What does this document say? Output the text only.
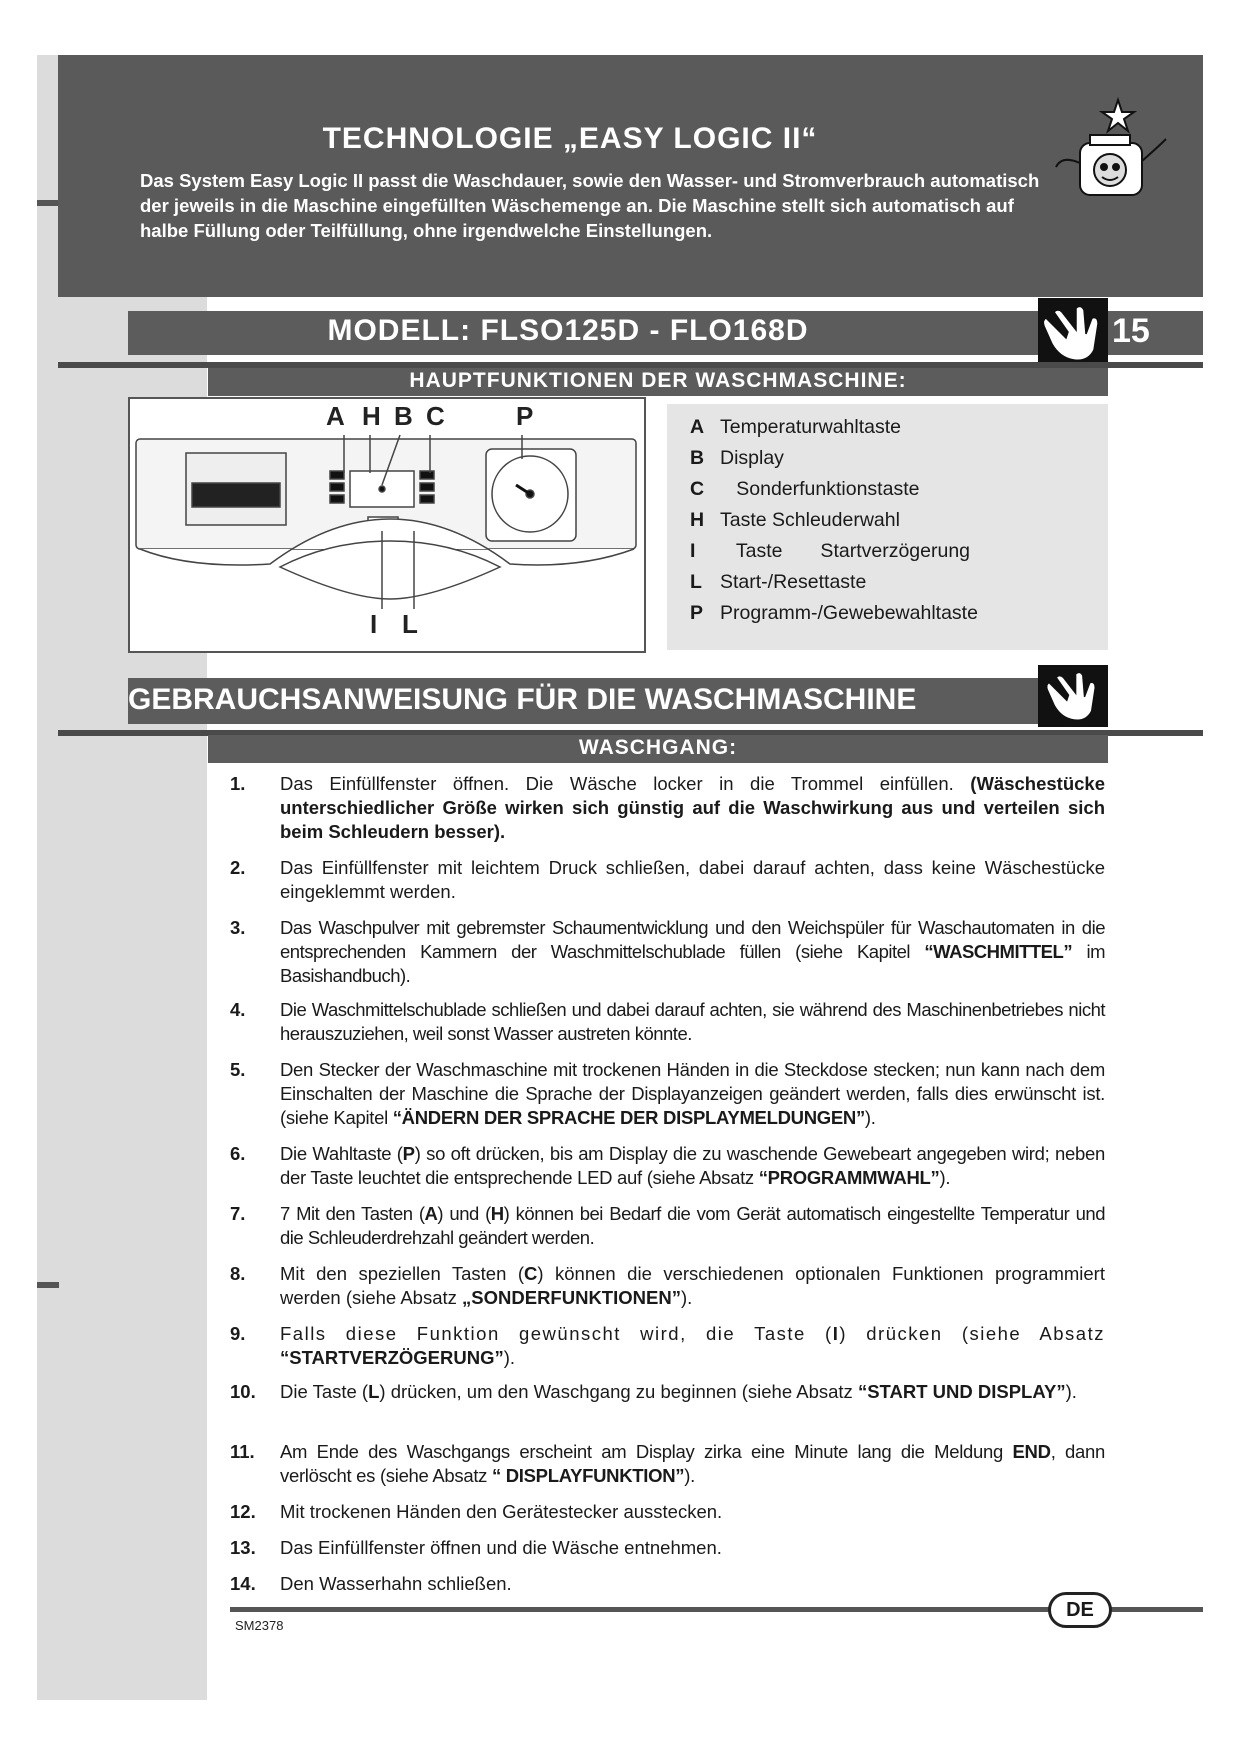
TECHNOLOGIE „EASY LOGIC II“

Das System Easy Logic II passt die Waschdauer, sowie den Wasser- und Stromverbrauch automatisch der jeweils in die Maschine eingefüllten Wäschemenge an. Die Maschine stellt sich automatisch auf halbe Füllung oder Teilfüllung, ohne irgendwelche Einstellungen.

MODELL: FLSO125D - FLO168D	15
HAUPTFUNKTIONEN DER WASCHMASCHINE:
A H B C	P
I L
A Temperaturwahltaste
B Display
C   Sonderfunktionstaste
H Taste Schleuderwahl
I   Taste       Startverzögerung
L Start-/Resettaste
P Programm-/Gewebewahltaste
GEBRAUCHSANWEISUNG FÜR DIE WASCHMASCHINE
WASCHGANG:
1. Das Einfüllfenster öffnen. Die Wäsche locker in die Trommel einfüllen. (Wäschestücke unterschiedlicher Größe wirken sich günstig auf die Waschwirkung aus und verteilen sich beim Schleudern besser).
2. Das Einfüllfenster mit leichtem Druck schließen, dabei darauf achten, dass keine Wäschestücke eingeklemmt werden.
3. Das Waschpulver mit gebremster Schaumentwicklung und den Weichspüler für Waschautomaten in die entsprechenden Kammern der Waschmittelschublade füllen (siehe Kapitel “WASCHMITTEL” im Basishandbuch).
4. Die Waschmittelschublade schließen und dabei darauf achten, sie während des Maschinenbetriebes nicht herauszuziehen, weil sonst Wasser austreten könnte.
5. Den Stecker der Waschmaschine mit trockenen Händen in die Steckdose stecken; nun kann nach dem Einschalten der Maschine die Sprache der Displayanzeigen geändert werden, falls dies erwünscht ist. (siehe Kapitel “ÄNDERN DER SPRACHE DER DISPLAYMELDUNGEN”).
6. Die Wahltaste (P) so oft drücken, bis am Display die zu waschende Gewebeart angegeben wird; neben der Taste leuchtet die entsprechende LED auf (siehe Absatz “PROGRAMMWAHL”).
7. 7 Mit den Tasten (A) und (H) können bei Bedarf die vom Gerät automatisch eingestellte Temperatur und die Schleuderdrehzahl geändert werden.
8. Mit den speziellen Tasten (C) können die verschiedenen optionalen Funktionen programmiert werden (siehe Absatz „SONDERFUNKTIONEN”).
9. Falls diese Funktion gewünscht wird, die Taste (I) drücken (siehe Absatz “STARTVERZÖGERUNG”).
10. Die Taste (L) drücken, um den Waschgang zu beginnen (siehe Absatz “START UND DISPLAY”).
11. Am Ende des Waschgangs erscheint am Display zirka eine Minute lang die Meldung END, dann verlöscht es (siehe Absatz “ DISPLAYFUNKTION”).
12. Mit trockenen Händen den Gerätestecker ausstecken.
13. Das Einfüllfenster öffnen und die Wäsche entnehmen.
14. Den Wasserhahn schließen.
DE
SM2378
